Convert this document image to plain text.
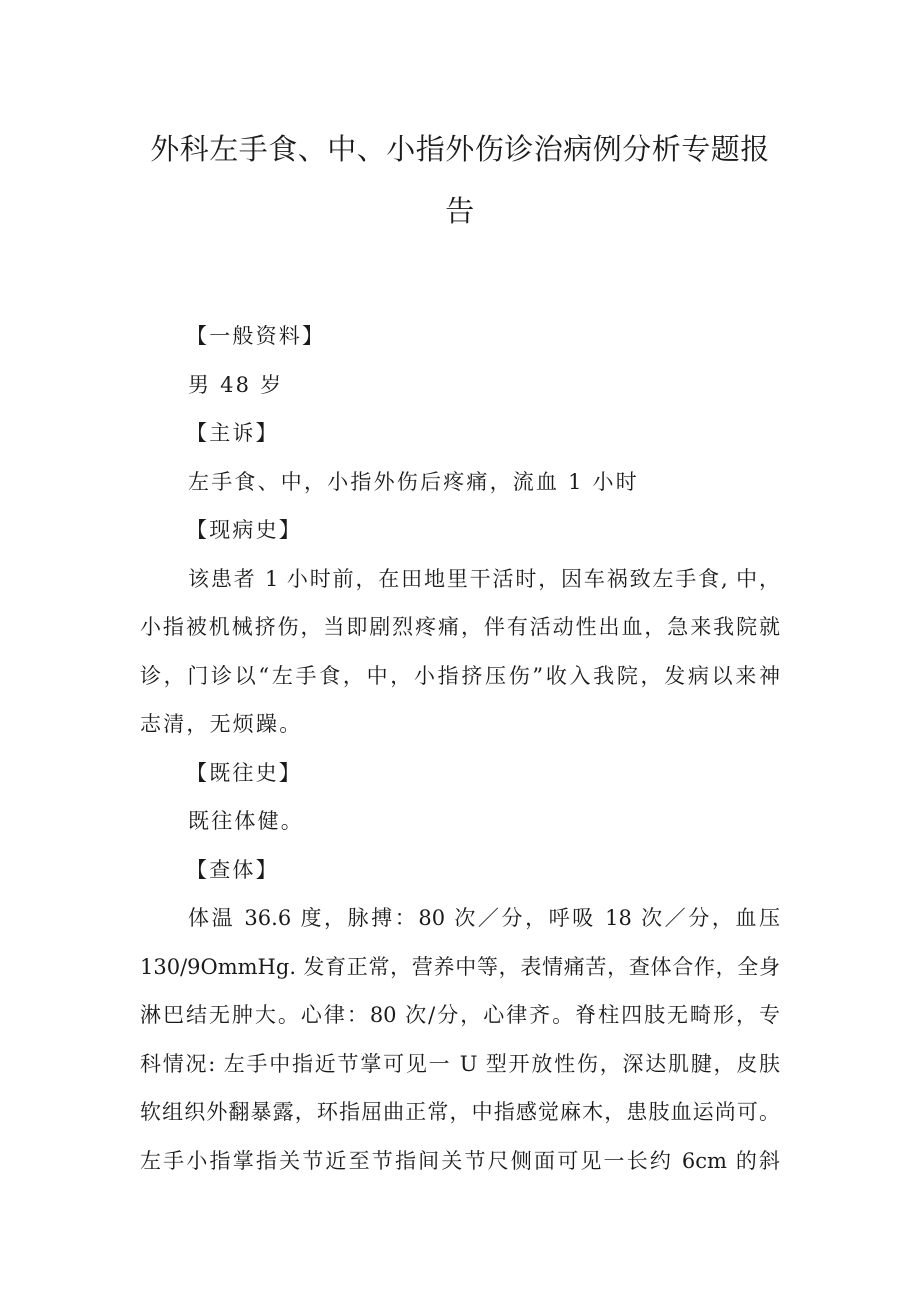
外科左手食、中、小指外伤诊治病例分析专题报告
【一般资料】
男 48 岁
【主诉】
左手食、中，小指外伤后疼痛，流血 1 小时
【现病史】
该患者 1 小时前，在田地里干活时，因车祸致左手食, 中，
小指被机械挤伤，当即剧烈疼痛，伴有活动性出血，急来我院就
诊，门诊以“左手食，中，小指挤压伤”收入我院，发病以来神
志清，无烦躁。
【既往史】
既往体健。
【查体】
体温 36.6 度，脉搏：80 次／分，呼吸 18 次／分，血压
130/9OmmHg. 发育正常，营养中等，表情痛苦，查体合作，全身
淋巴结无肿大。心律：80 次/分，心律齐。脊柱四肢无畸形，专
科情况: 左手中指近节掌可见一 U 型开放性伤，深达肌腱，皮肤
软组织外翻暴露，环指屈曲正常，中指感觉麻木，患肢血运尚可。
左手小指掌指关节近至节指间关节尺侧面可见一长约 6cm 的斜
